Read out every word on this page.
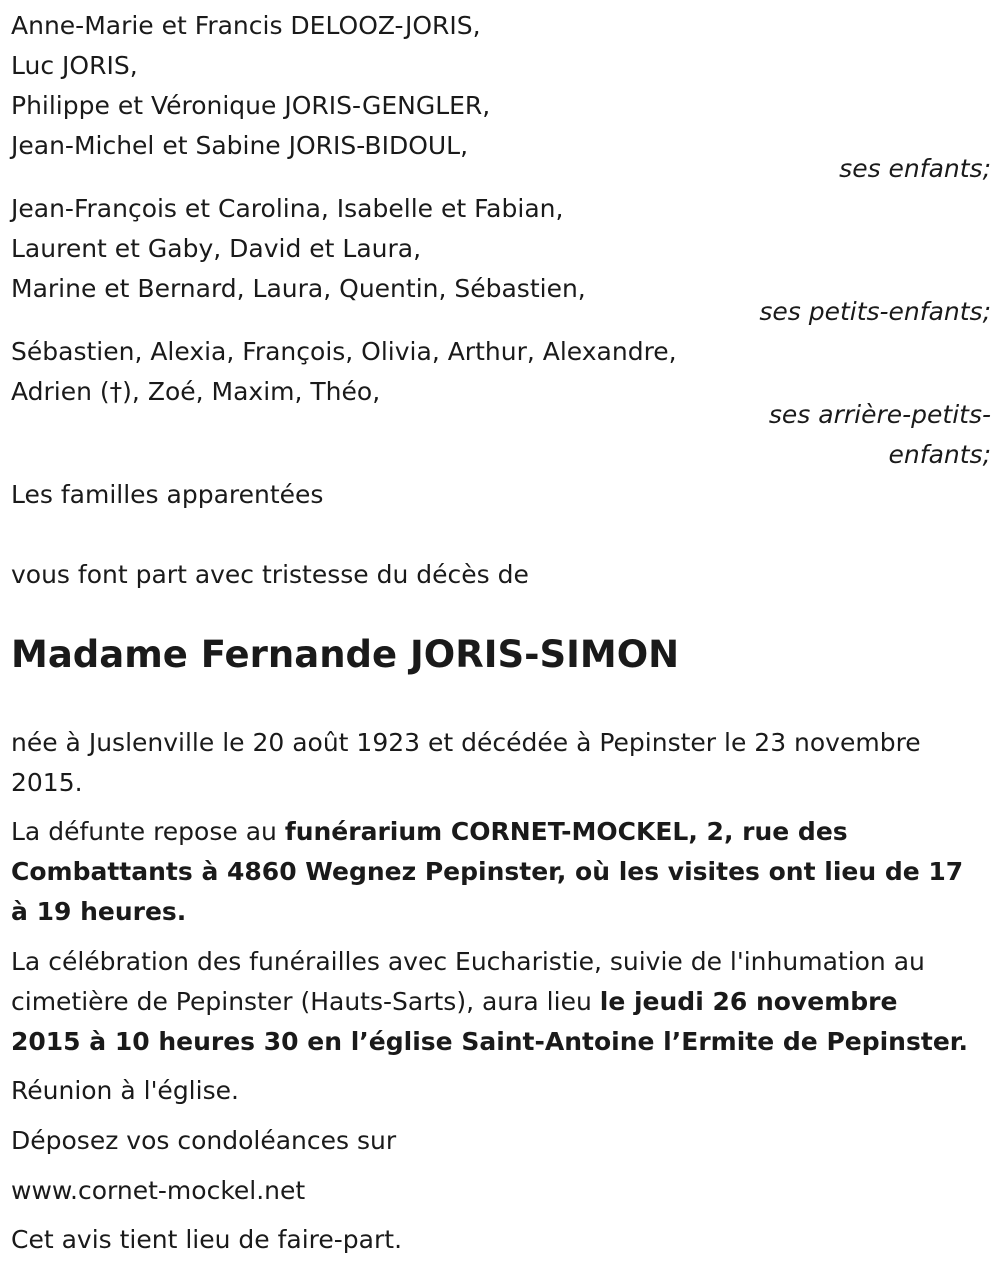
Anne-Marie et Francis DELOOZ-JORIS,
Luc JORIS,
Philippe et Véronique JORIS-GENGLER,
Jean-Michel et Sabine JORIS-BIDOUL,
ses enfants;
Jean-François et Carolina, Isabelle et Fabian,
Laurent et Gaby, David et Laura,
Marine et Bernard, Laura, Quentin, Sébastien,
ses petits-enfants;
Sébastien, Alexia, François, Olivia, Arthur, Alexandre,
Adrien (†), Zoé, Maxim, Théo,
ses arrière-petits-
enfants;
Les familles apparentées
vous font part avec tristesse du décès de
Madame Fernande JORIS-SIMON
née à Juslenville le 20 août 1923 et décédée à Pepinster le 23 novembre 2015.
La défunte repose au funérarium CORNET-MOCKEL, 2, rue des Combattants à 4860 Wegnez Pepinster, où les visites ont lieu de 17 à 19 heures.
La célébration des funérailles avec Eucharistie, suivie de l'inhumation au cimetière de Pepinster (Hauts-Sarts), aura lieu le jeudi 26 novembre 2015 à 10 heures 30 en l’église Saint-Antoine l’Ermite de Pepinster.
Réunion à l'église.
Déposez vos condoléances sur
www.cornet-mockel.net
Cet avis tient lieu de faire-part.
